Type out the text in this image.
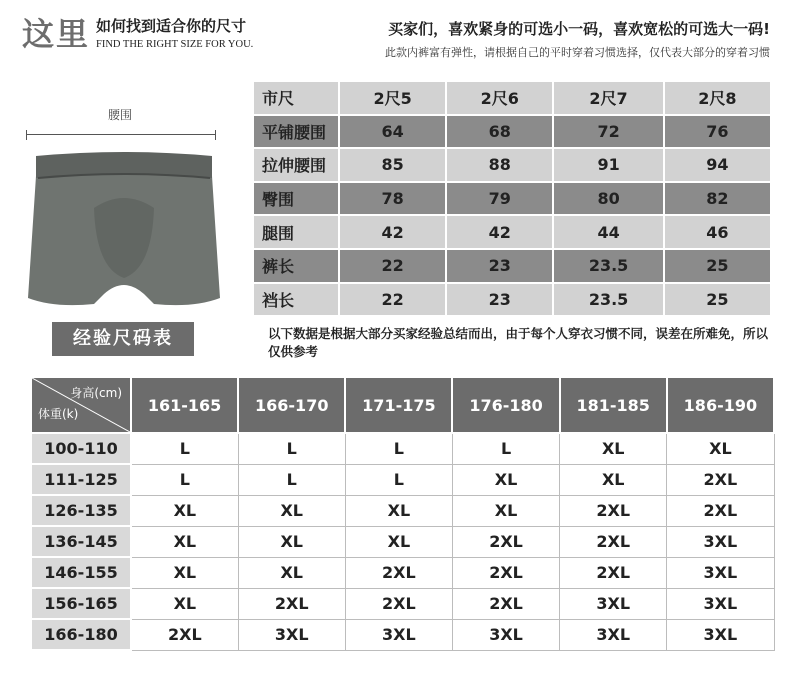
这里 如何找到适合你的尺寸
FIND THE RIGHT SIZE FOR YOU.
买家们，喜欢紧身的可选小一码，喜欢宽松的可选大一码!
此款内裤富有弹性，请根据自己的平时穿着习惯选择，仅代表大部分的穿着习惯
腰围
市尺	2尺5	2尺6	2尺7	2尺8
平铺腰围	64	68	72	76
拉伸腰围	85	88	91	94
臀围	78	79	80	82
腿围	42	42	44	46
裤长	22	23	23.5	25
裆长	22	23	23.5	25
经验尺码表	以下数据是根据大部分买家经验总结而出，由于每个人穿衣习惯不同，误差在所难免，所以仅供参考
身高(cm)
体重(k)	161-165	166-170	171-175	176-180	181-185	186-190
100-110	L	L	L	L	XL	XL
111-125	L	L	L	XL	XL	2XL
126-135	XL	XL	XL	XL	2XL	2XL
136-145	XL	XL	XL	2XL	2XL	3XL
146-155	XL	XL	2XL	2XL	2XL	3XL
156-165	XL	2XL	2XL	2XL	3XL	3XL
166-180	2XL	3XL	3XL	3XL	3XL	3XL
